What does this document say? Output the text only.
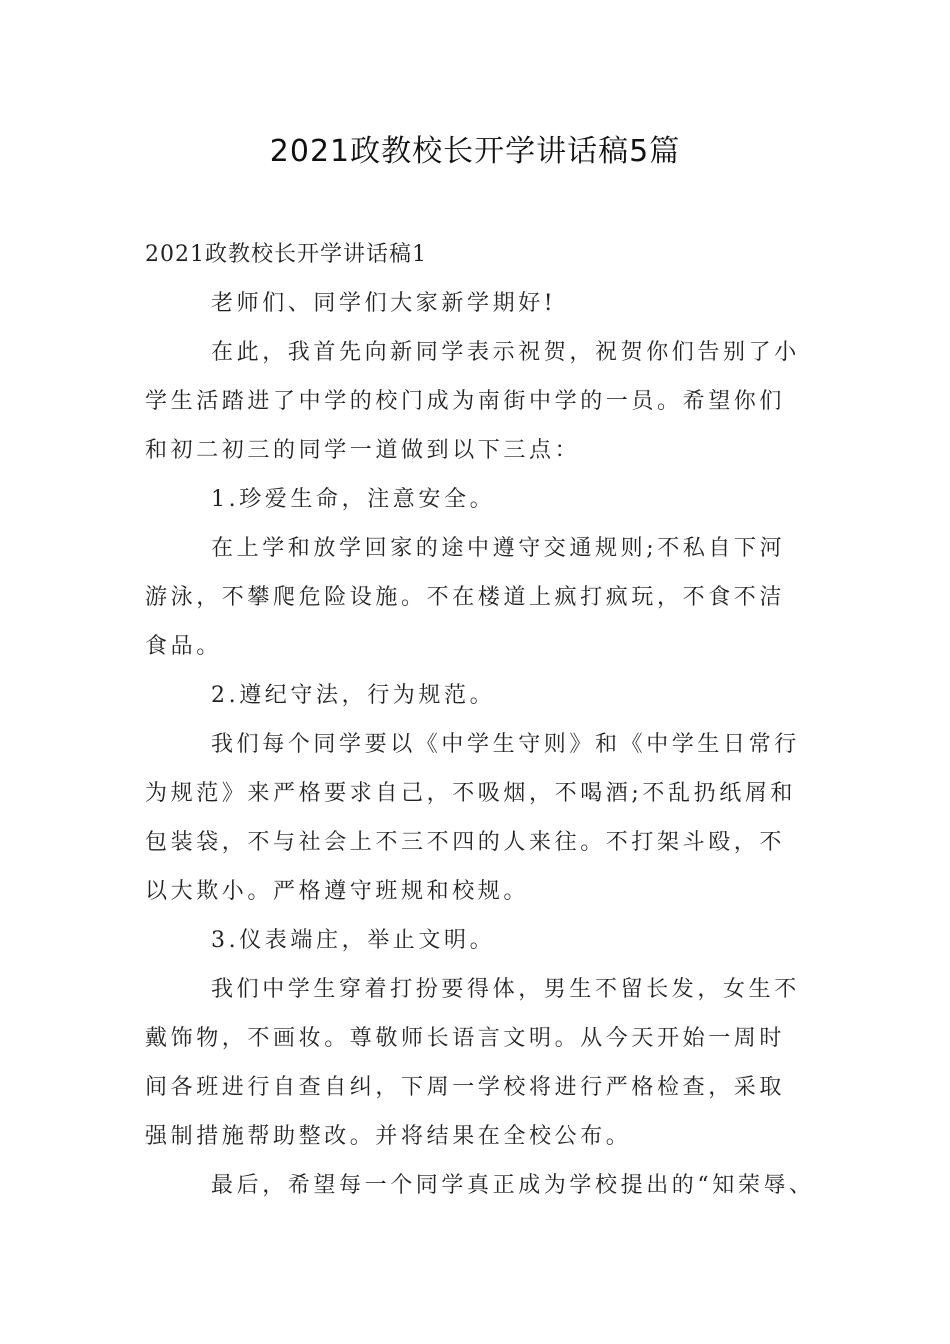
2021政教校长开学讲话稿5篇

2021政教校长开学讲话稿1

老师们、同学们大家新学期好!

在此，我首先向新同学表示祝贺，祝贺你们告别了小
学生活踏进了中学的校门成为南街中学的一员。希望你们
和初二初三的同学一道做到以下三点：

1.珍爱生命，注意安全。

在上学和放学回家的途中遵守交通规则;不私自下河
游泳，不攀爬危险设施。不在楼道上疯打疯玩，不食不洁
食品。

2.遵纪守法，行为规范。

我们每个同学要以《中学生守则》和《中学生日常行
为规范》来严格要求自己，不吸烟，不喝酒;不乱扔纸屑和
包装袋，不与社会上不三不四的人来往。不打架斗殴，不
以大欺小。严格遵守班规和校规。

3.仪表端庄，举止文明。

我们中学生穿着打扮要得体，男生不留长发，女生不
戴饰物，不画妆。尊敬师长语言文明。从今天开始一周时
间各班进行自查自纠，下周一学校将进行严格检查，采取
强制措施帮助整改。并将结果在全校公布。

最后，希望每一个同学真正成为学校提出的“知荣辱、
